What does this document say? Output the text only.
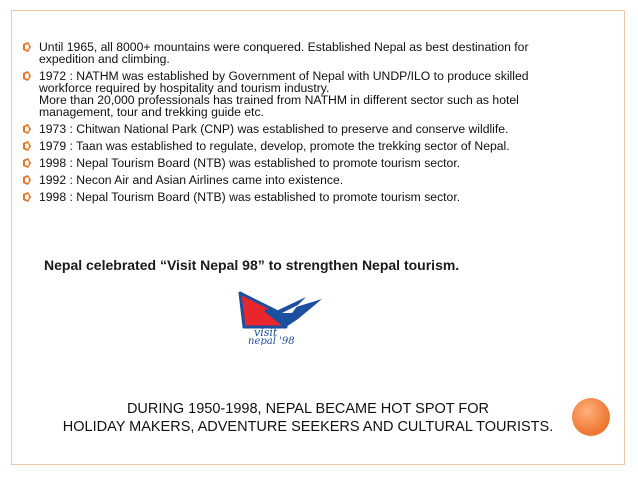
Until 1965, all 8000+ mountains were conquered. Established Nepal as best destination for
expedition and climbing.
1972 : NATHM was established by Government of Nepal with UNDP/ILO to produce skilled
workforce required by hospitality and tourism industry.
More than 20,000 professionals has trained from NATHM in different sector such as hotel
management, tour and trekking guide etc.
1973 : Chitwan National Park (CNP) was established to preserve and conserve wildlife.
1979 : Taan was established to regulate, develop, promote the trekking sector of Nepal.
1998 : Nepal Tourism Board (NTB) was established to promote tourism sector.
1992 : Necon Air and Asian Airlines came into existence.
1998 : Nepal Tourism Board (NTB) was established to promote tourism sector.
Nepal celebrated “Visit Nepal 98” to strengthen Nepal tourism.
visit
nepal '98
DURING 1950-1998, NEPAL BECAME HOT SPOT FOR
HOLIDAY MAKERS, ADVENTURE SEEKERS AND CULTURAL TOURISTS.
